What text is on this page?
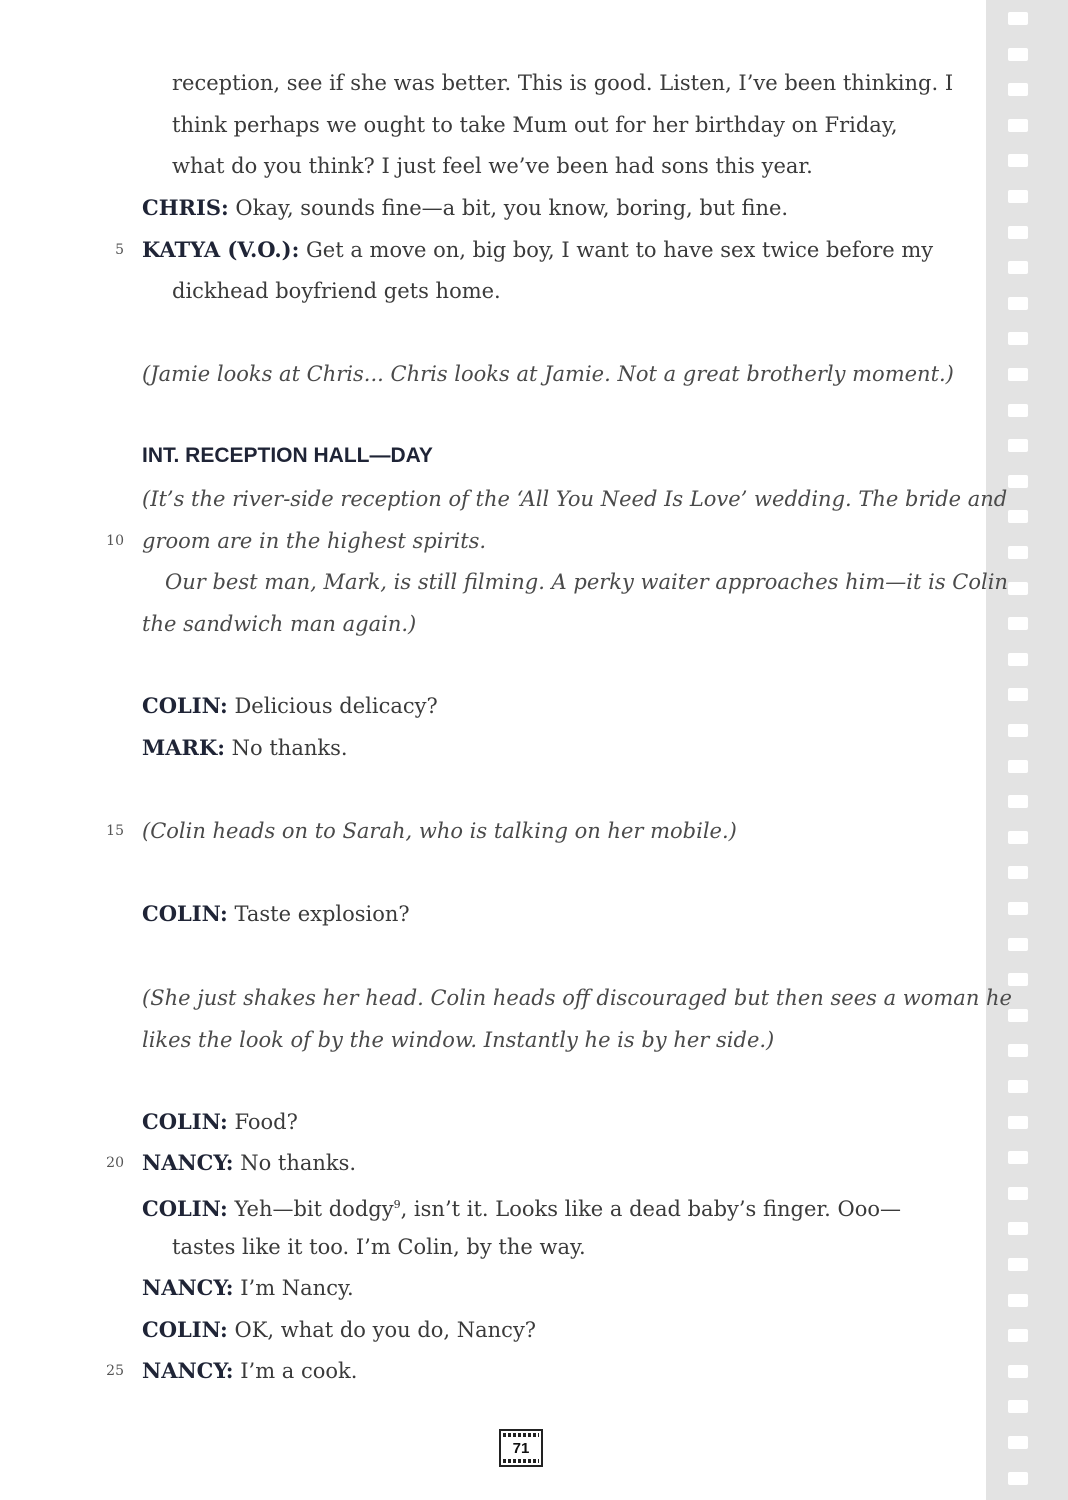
reception, see if she was better. This is good. Listen, I’ve been thinking. I
think perhaps we ought to take Mum out for her birthday on Friday,
what do you think? I just feel we’ve been had sons this year.
CHRIS: Okay, sounds fine—a bit, you know, boring, but fine.
KATYA (V.O.): Get a move on, big boy, I want to have sex twice before my
dickhead boyfriend gets home.
(Jamie looks at Chris... Chris looks at Jamie. Not a great brotherly moment.)
INT. RECEPTION HALL—DAY
(It’s the river-side reception of the ‘All You Need Is Love’ wedding. The bride and
groom are in the highest spirits.
Our best man, Mark, is still filming. A perky waiter approaches him—it is Colin
the sandwich man again.)
COLIN: Delicious delicacy?
MARK: No thanks.
(Colin heads on to Sarah, who is talking on her mobile.)
COLIN: Taste explosion?
(She just shakes her head. Colin heads off discouraged but then sees a woman he
likes the look of by the window. Instantly he is by her side.)
COLIN: Food?
NANCY: No thanks.
COLIN: Yeh—bit dodgy$^9$, isn’t it. Looks like a dead baby’s finger. Ooo—
tastes like it too. I’m Colin, by the way.
NANCY: I’m Nancy.
COLIN: OK, what do you do, Nancy?
NANCY: I’m a cook.
5
10
15
20
25
71
